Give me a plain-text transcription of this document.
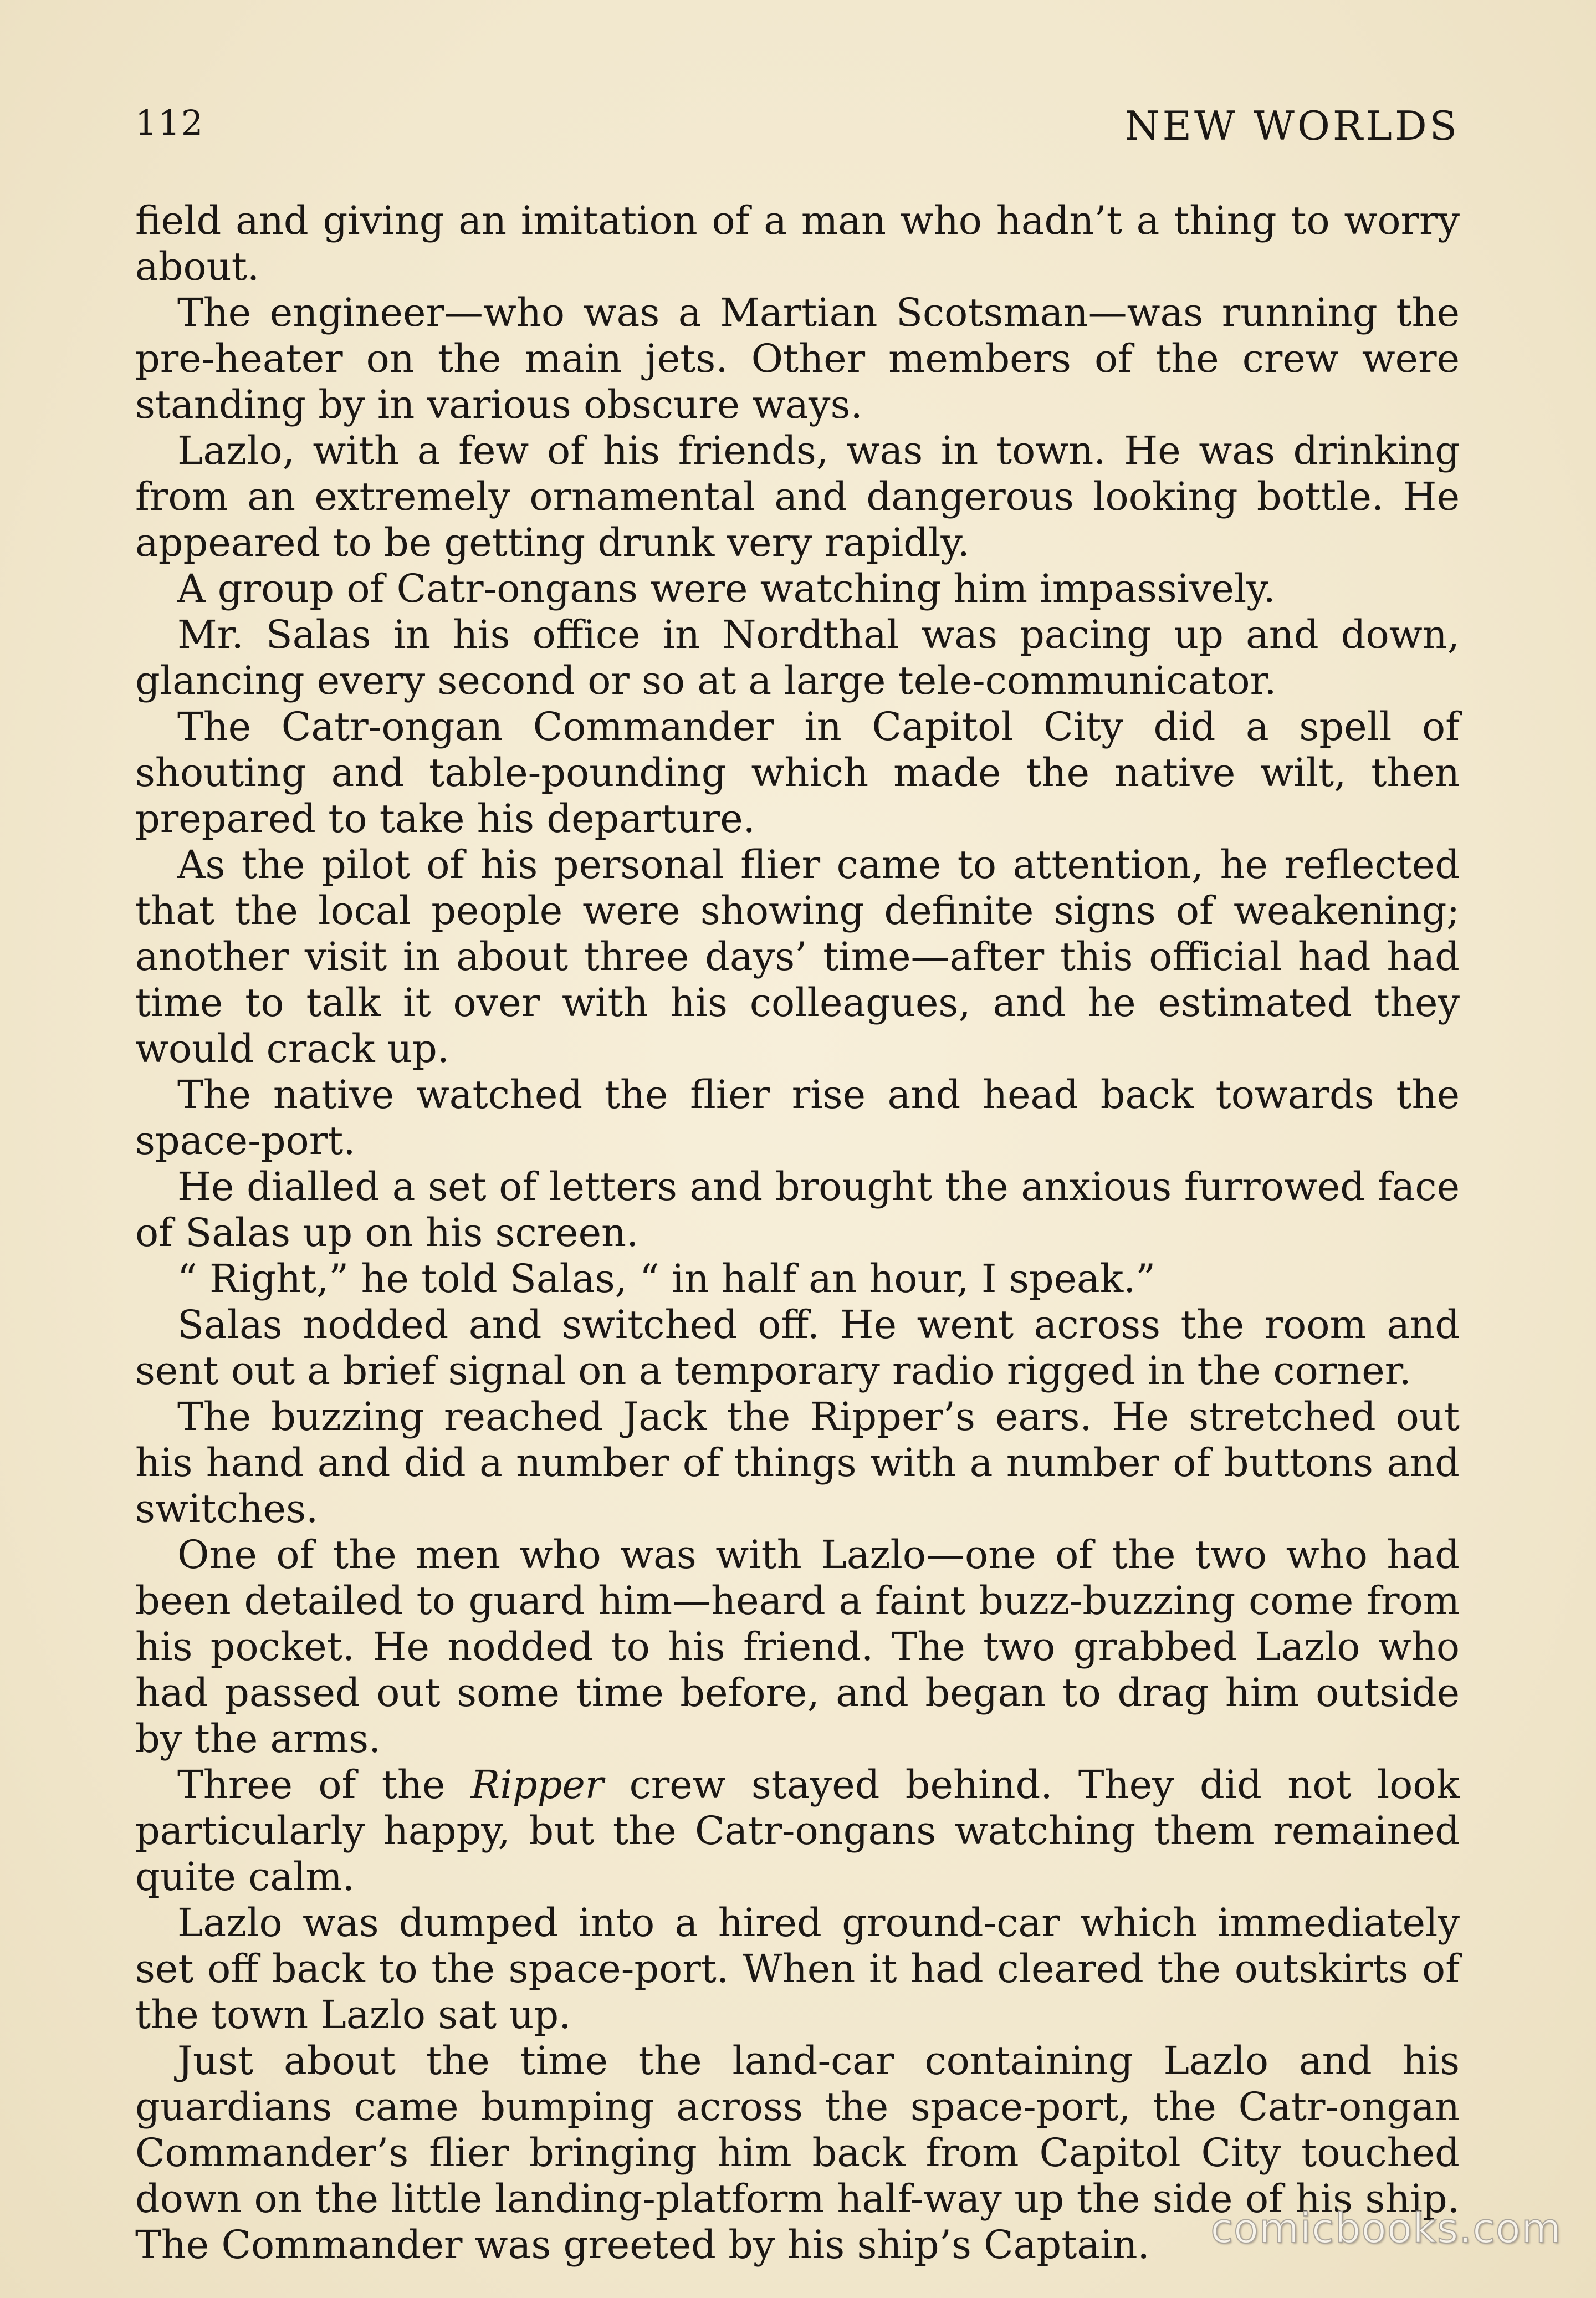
112	NEW WORLDS

field and giving an imitation of a man who hadn’t a thing to worry about.

The engineer—who was a Martian Scotsman—was running the pre-heater on the main jets. Other members of the crew were standing by in various obscure ways.

Lazlo, with a few of his friends, was in town. He was drinking from an extremely ornamental and dangerous looking bottle. He appeared to be getting drunk very rapidly.

A group of Catr-ongans were watching him impassively.

Mr. Salas in his office in Nordthal was pacing up and down, glancing every second or so at a large tele-communicator.

The Catr-ongan Commander in Capitol City did a spell of shouting and table-pounding which made the native wilt, then prepared to take his departure.

As the pilot of his personal flier came to attention, he reflected that the local people were showing definite signs of weakening; another visit in about three days’ time—after this official had had time to talk it over with his colleagues, and he estimated they would crack up.

The native watched the flier rise and head back towards the space-port.

He dialled a set of letters and brought the anxious furrowed face of Salas up on his screen.

“ Right,” he told Salas, “ in half an hour, I speak.”

Salas nodded and switched off. He went across the room and sent out a brief signal on a temporary radio rigged in the corner.

The buzzing reached Jack the Ripper’s ears. He stretched out his hand and did a number of things with a number of buttons and switches.

One of the men who was with Lazlo—one of the two who had been detailed to guard him—heard a faint buzz-buzzing come from his pocket. He nodded to his friend. The two grabbed Lazlo who had passed out some time before, and began to drag him outside by the arms.

Three of the Ripper crew stayed behind. They did not look particularly happy, but the Catr-ongans watching them remained quite calm.

Lazlo was dumped into a hired ground-car which immediately set off back to the space-port. When it had cleared the outskirts of the town Lazlo sat up.

Just about the time the land-car containing Lazlo and his guardians came bumping across the space-port, the Catr-ongan Commander’s flier bringing him back from Capitol City touched down on the little landing-platform half-way up the side of his ship. The Commander was greeted by his ship’s Captain.	comicbooks.com
